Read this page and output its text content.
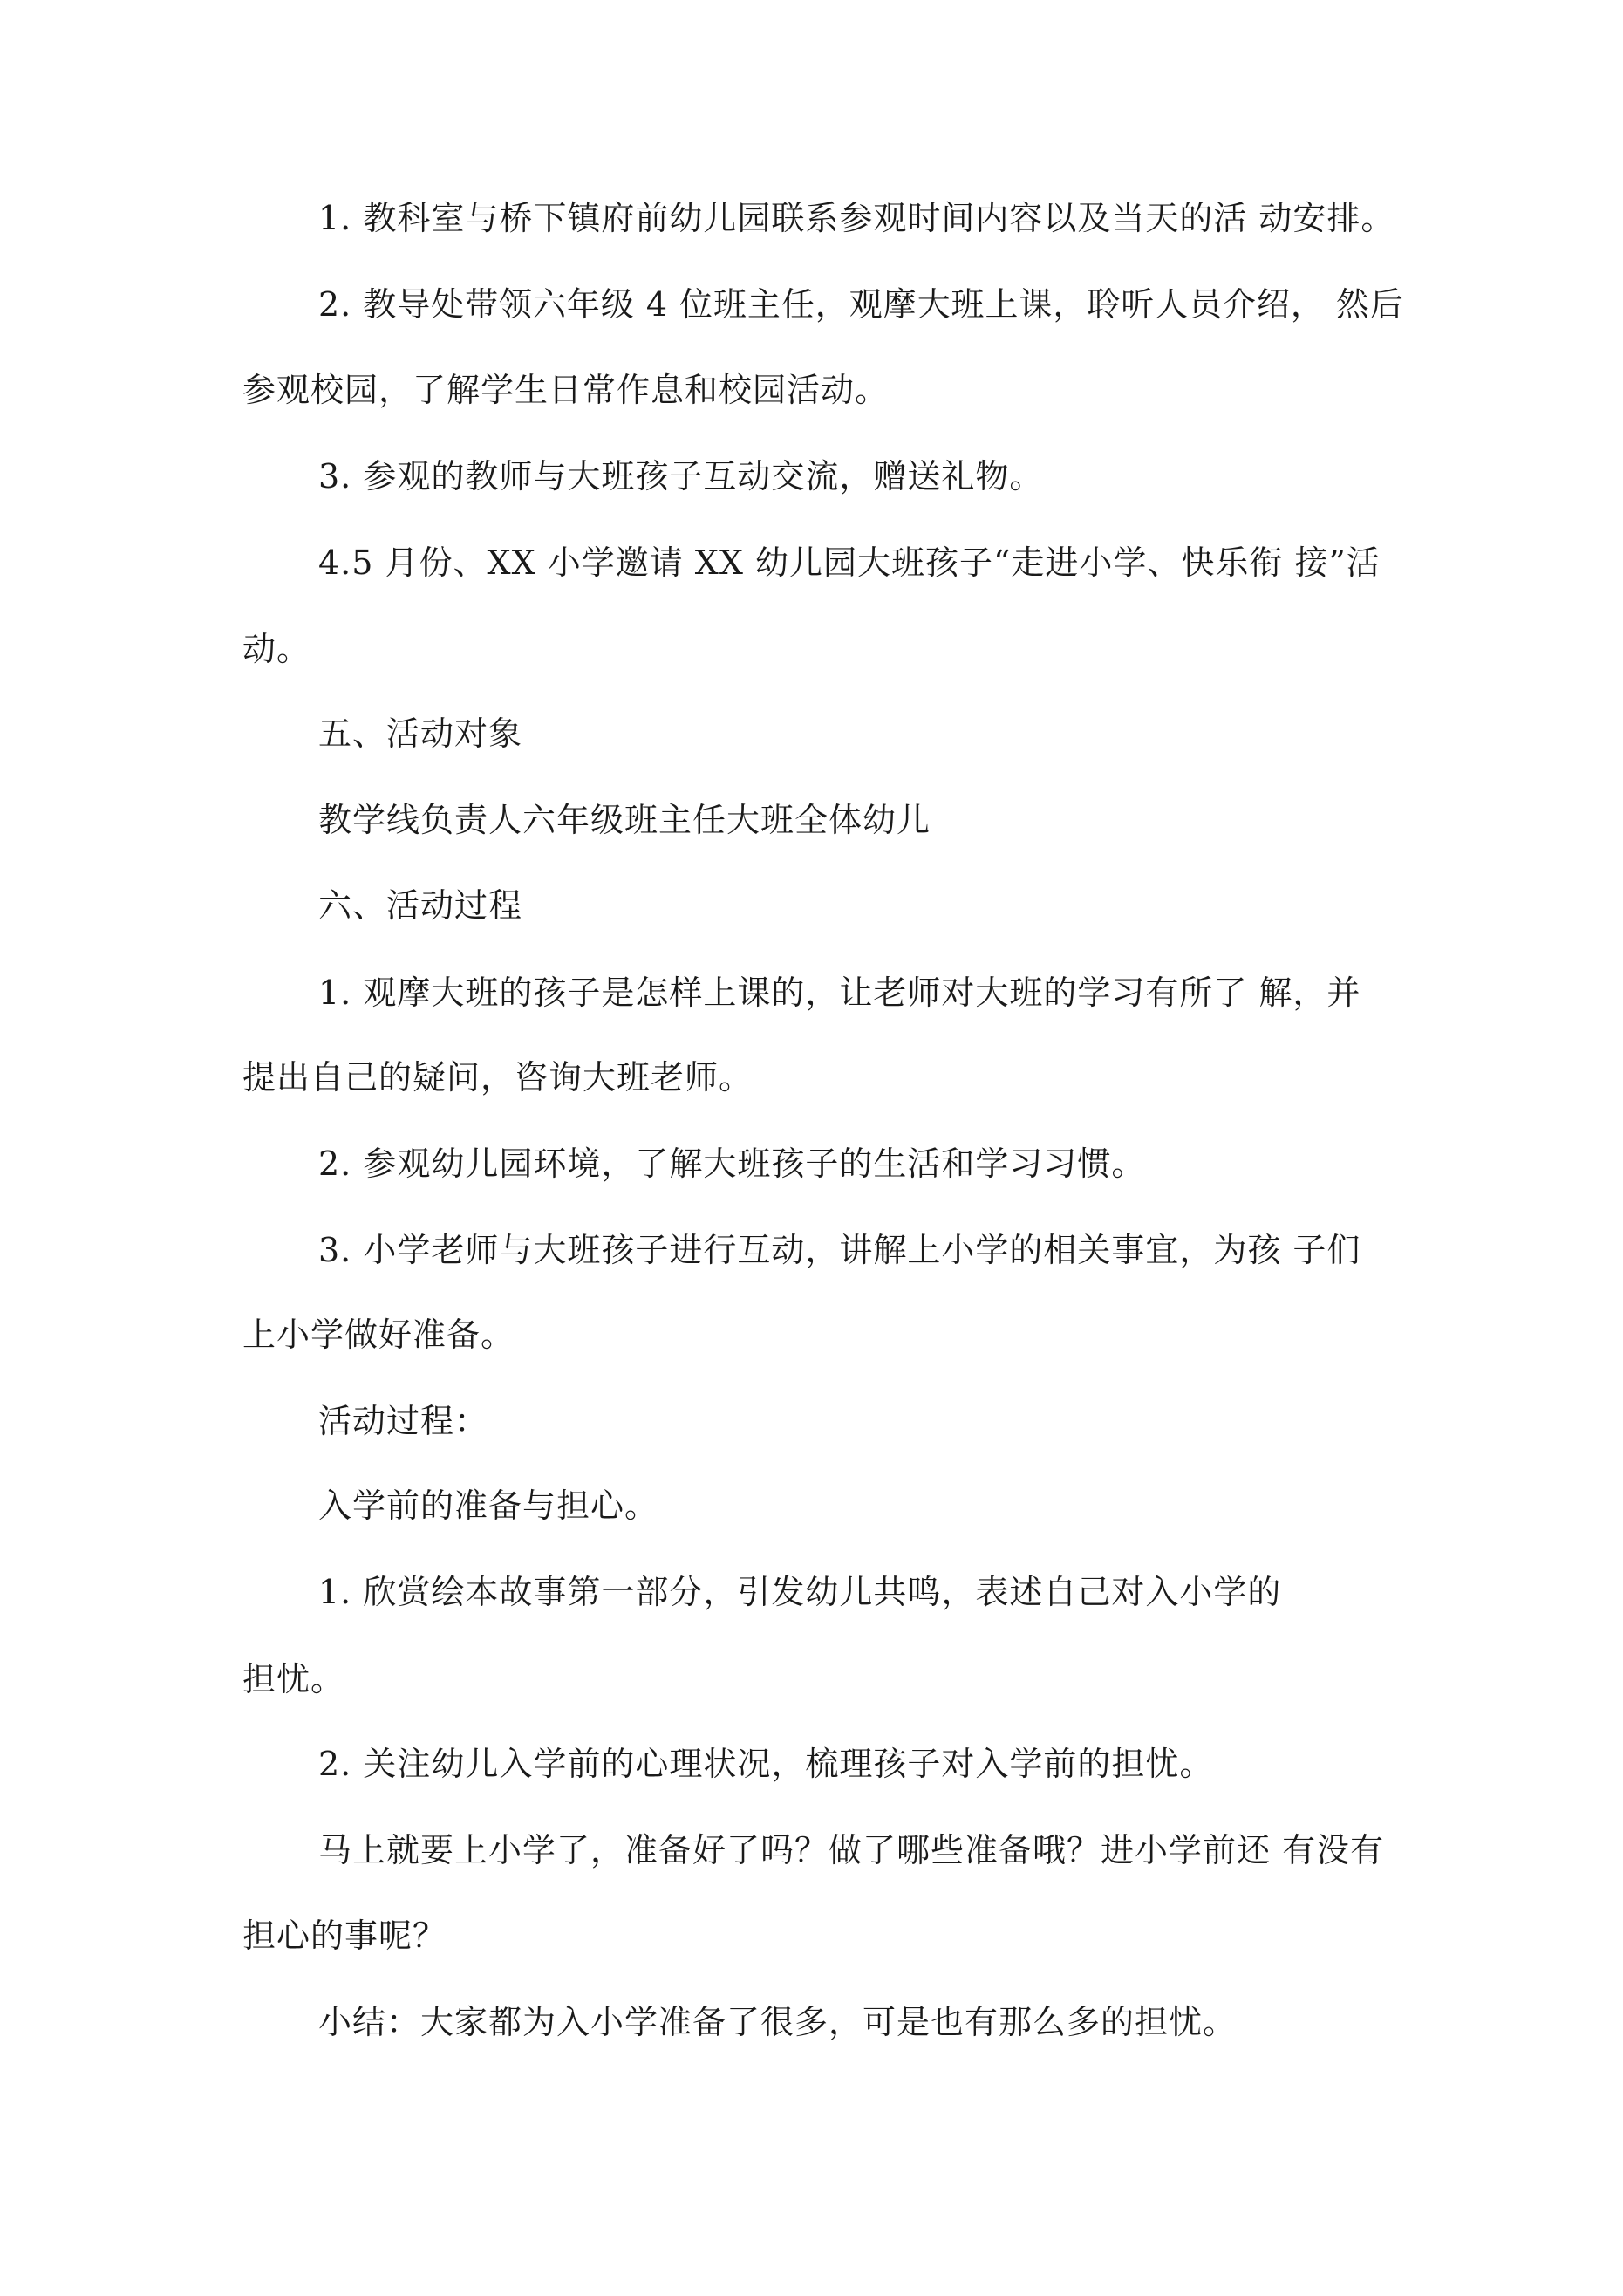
1. 教科室与桥下镇府前幼儿园联系参观时间内容以及当天的活 动安排。

2. 教导处带领六年级 4 位班主任，观摩大班上课，聆听人员介绍， 然后

参观校园，了解学生日常作息和校园活动。

3. 参观的教师与大班孩子互动交流，赠送礼物。

4.5 月份、XX 小学邀请 XX 幼儿园大班孩子“走进小学、快乐衔 接”活

动。

五、活动对象

教学线负责人六年级班主任大班全体幼儿

六、活动过程

1. 观摩大班的孩子是怎样上课的，让老师对大班的学习有所了 解，并

提出自己的疑问，咨询大班老师。

2. 参观幼儿园环境，了解大班孩子的生活和学习习惯。

3. 小学老师与大班孩子进行互动，讲解上小学的相关事宜，为孩 子们

上小学做好准备。

活动过程：

入学前的准备与担心。

1. 欣赏绘本故事第一部分，引发幼儿共鸣，表述自己对入小学的

担忧。

2. 关注幼儿入学前的心理状况，梳理孩子对入学前的担忧。

马上就要上小学了，准备好了吗？做了哪些准备哦？进小学前还 有没有

担心的事呢？

小结：大家都为入小学准备了很多，可是也有那么多的担忧。
